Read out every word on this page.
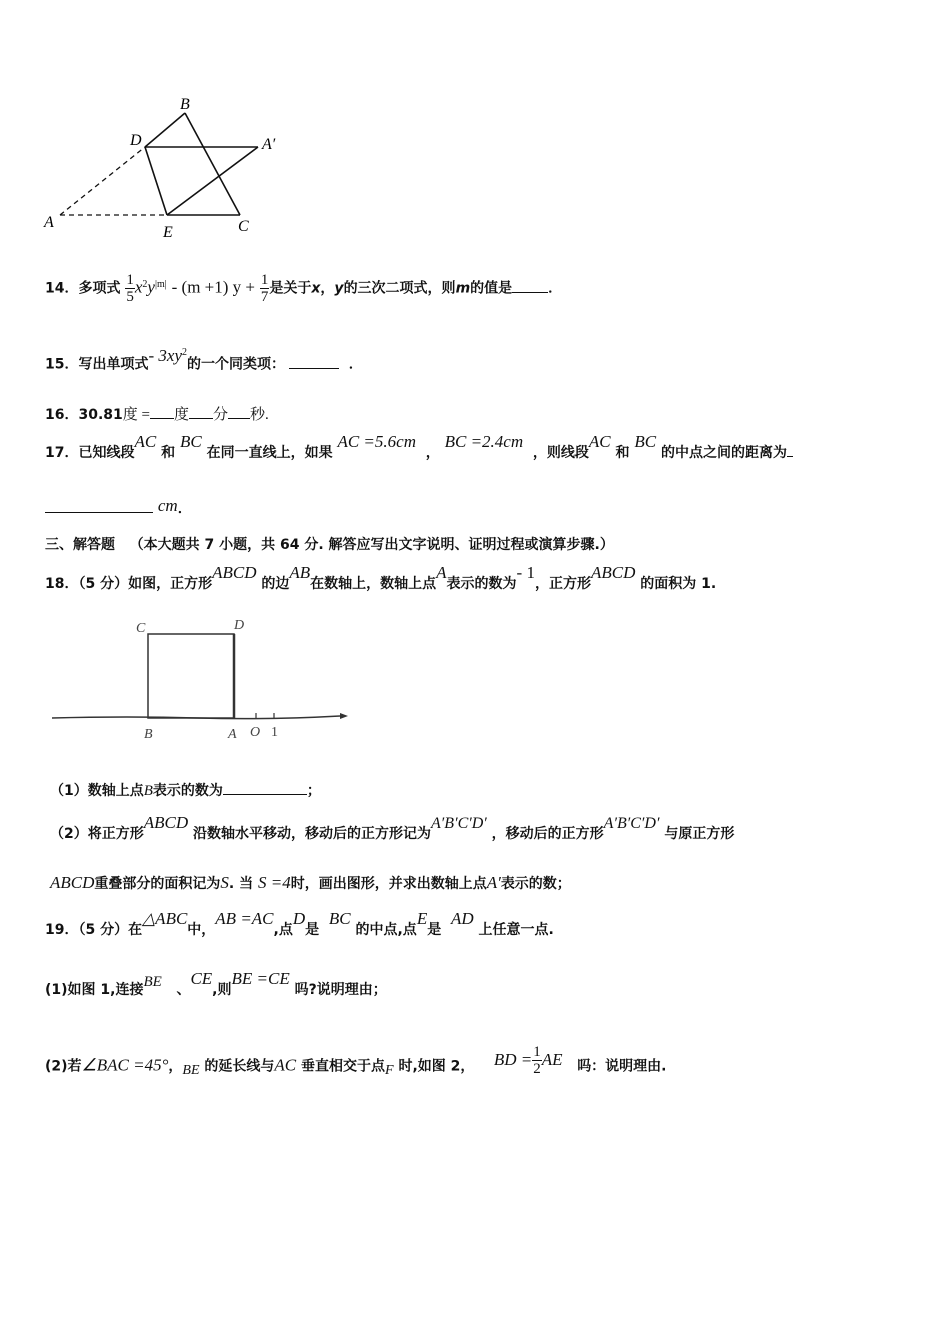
B
D	A′
A
E	C
14．多项式 $\frac{1}{5} x^2y^{|m|} - (m +1) y + \frac{1}{7}$ 是关于x，y的三次二项式，则m的值是	．
15．写出单项式- $3xy^2$的一个同类项：	．
16．30.81度 = 度 分 秒.
17．已知线段AC 和 BC 在同一直线上，如果 AC =5.6cm  ， BC =2.4cm  ，则线段AC 和 BC 的中点之间的距离为
cm．
三、解答题 （本大题共 7 小题，共 64 分. 解答应写出文字说明、证明过程或演算步骤.）
18．（5 分）如图，正方形ABCD 的边AB在数轴上，数轴上点A表示的数为- 1，正方形ABCD 的面积为 1.
C	D
B	A O 1
（1）数轴上点B表示的数为	；
（2）将正方形ABCD 沿数轴水平移动，移动后的正方形记为A′B′C′D′ ，移动后的正方形A′B′C′D′ 与原正方形
ABCD重叠部分的面积记为S. 当 S =4时，画出图形，并求出数轴上点A′表示的数；
19．（5 分）在△ABC中，AB =AC,点D是  BC 的中点,点E是  AD 上任意一点.
(1)如图 1,连接BE 、CE,则BE =CE 吗?说明理由；
(2)若∠BAC =45°，BE 的延长线与AC 垂直相交于点F 时,如图 2， BD = $\frac{1}{2}$ AE 吗：说明理由.
